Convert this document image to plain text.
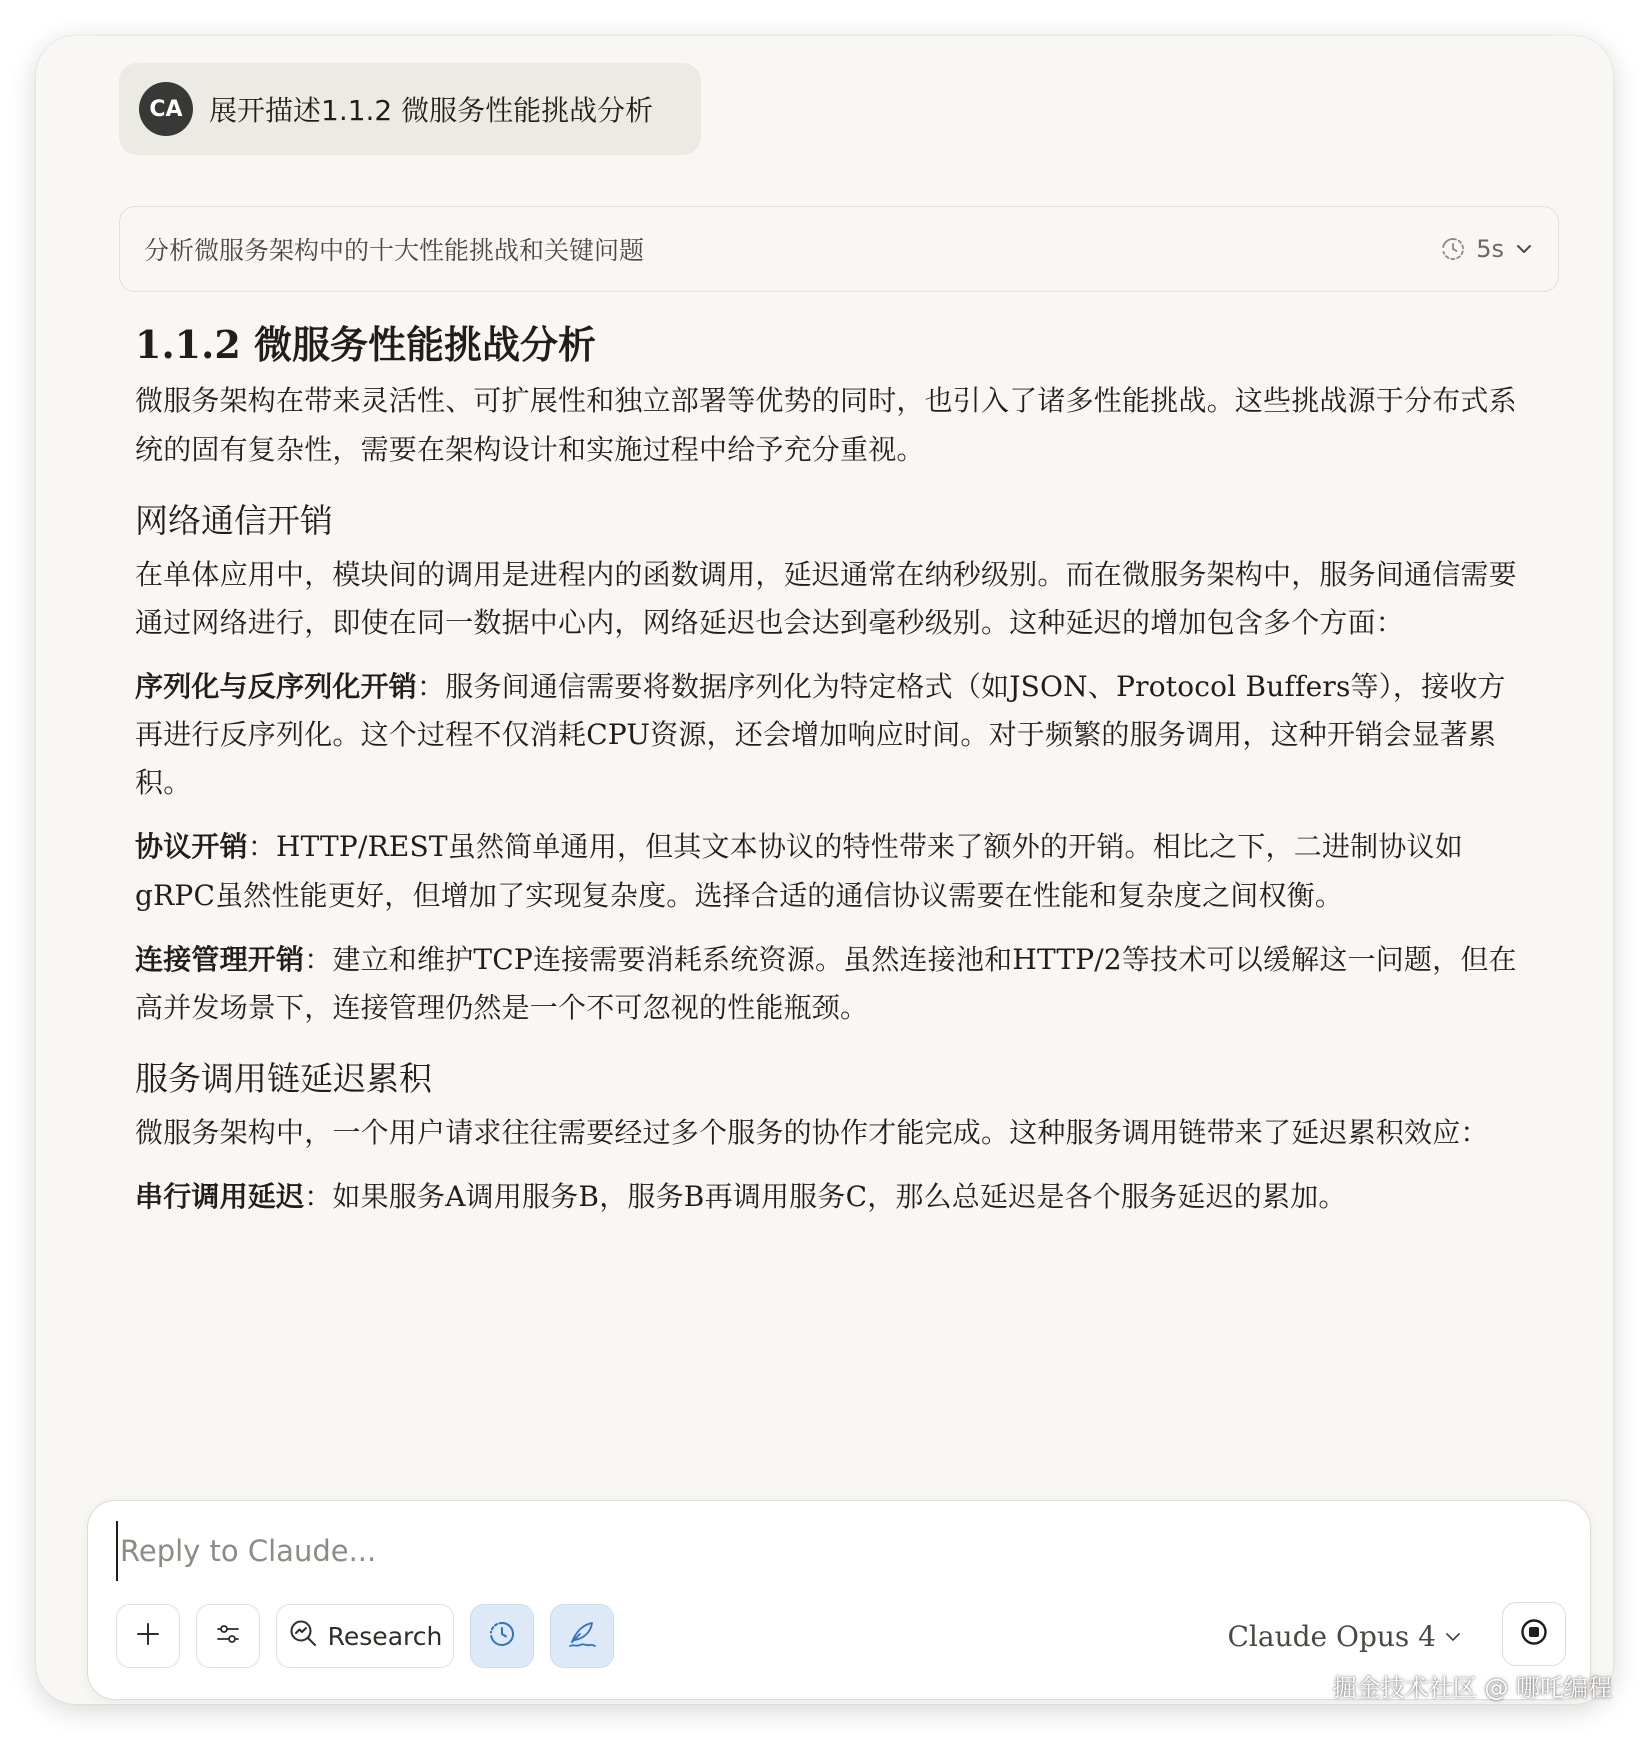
CA 展开描述1.1.2 微服务性能挑战分析
分析微服务架构中的十大性能挑战和关键问题	5s
1.1.2 微服务性能挑战分析

微服务架构在带来灵活性、可扩展性和独立部署等优势的同时，也引入了诸多性能挑战。这些挑战源于分布式系统的固有复杂性，需要在架构设计和实施过程中给予充分重视。

网络通信开销

在单体应用中，模块间的调用是进程内的函数调用，延迟通常在纳秒级别。而在微服务架构中，服务间通信需要通过网络进行，即使在同一数据中心内，网络延迟也会达到毫秒级别。这种延迟的增加包含多个方面：

序列化与反序列化开销：服务间通信需要将数据序列化为特定格式（如JSON、Protocol Buffers等），接收方再进行反序列化。这个过程不仅消耗CPU资源，还会增加响应时间。对于频繁的服务调用，这种开销会显著累积。

协议开销：HTTP/REST虽然简单通用，但其文本协议的特性带来了额外的开销。相比之下，二进制协议如gRPC虽然性能更好，但增加了实现复杂度。选择合适的通信协议需要在性能和复杂度之间权衡。

连接管理开销：建立和维护TCP连接需要消耗系统资源。虽然连接池和HTTP/2等技术可以缓解这一问题，但在高并发场景下，连接管理仍然是一个不可忽视的性能瓶颈。

服务调用链延迟累积

微服务架构中，一个用户请求往往需要经过多个服务的协作才能完成。这种服务调用链带来了延迟累积效应：

串行调用延迟：如果服务A调用服务B，服务B再调用服务C，那么总延迟是各个服务延迟的累加。

Reply to Claude...
Research	Claude Opus 4
掘金技术社区 @ 哪吒编程
